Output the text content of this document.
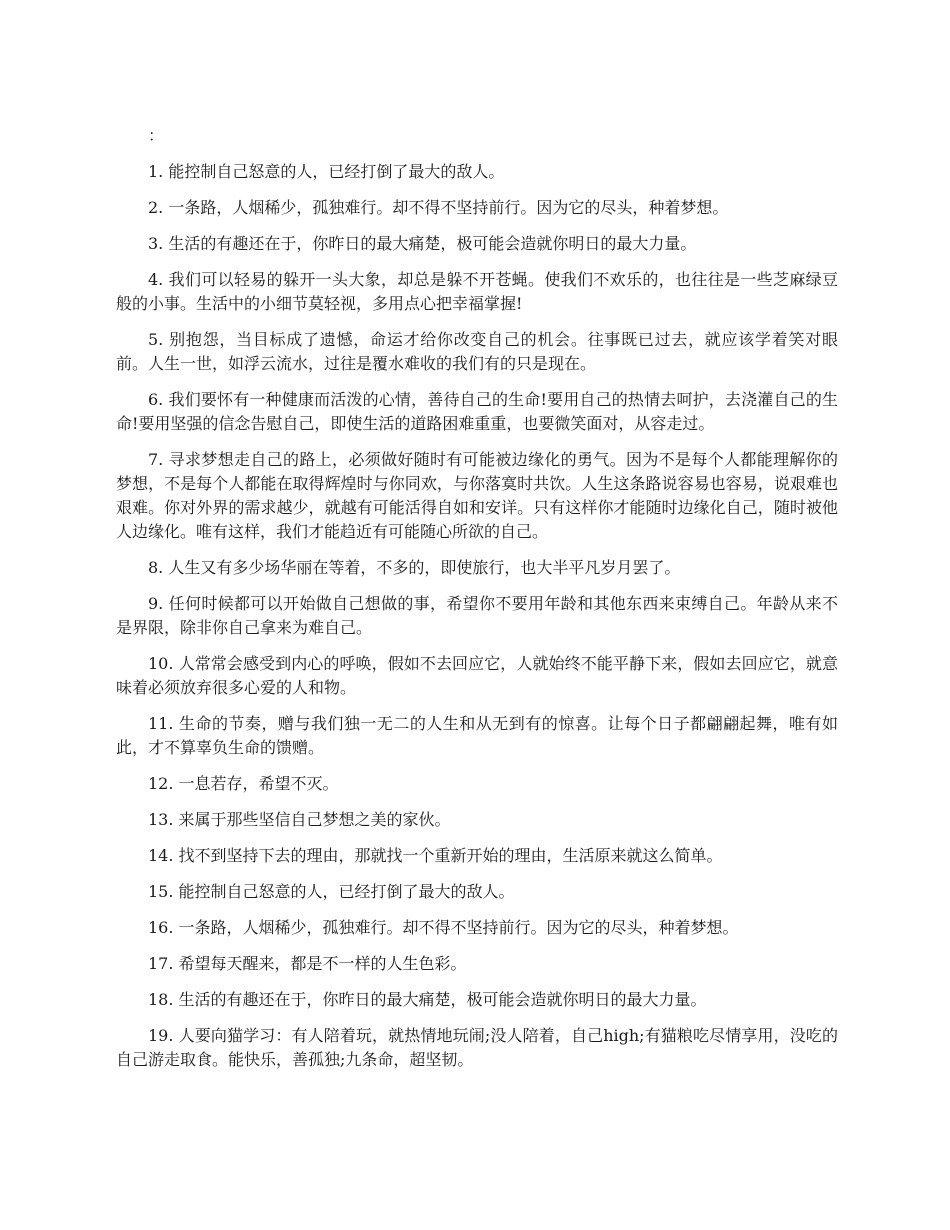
：

1. 能控制自己怒意的人，已经打倒了最大的敌人。

2. 一条路，人烟稀少，孤独难行。却不得不坚持前行。因为它的尽头，种着梦想。

3. 生活的有趣还在于，你昨日的最大痛楚，极可能会造就你明日的最大力量。

4. 我们可以轻易的躲开一头大象，却总是躲不开苍蝇。使我们不欢乐的，也往往是一些芝麻绿豆般的小事。生活中的小细节莫轻视，多用点心把幸福掌握!

5. 别抱怨，当目标成了遗憾，命运才给你改变自己的机会。往事既已过去，就应该学着笑对眼前。人生一世，如浮云流水，过往是覆水难收的我们有的只是现在。

6. 我们要怀有一种健康而活泼的心情，善待自己的生命!要用自己的热情去呵护，去浇灌自己的生命!要用坚强的信念告慰自己，即使生活的道路困难重重，也要微笑面对，从容走过。

7. 寻求梦想走自己的路上，必须做好随时有可能被边缘化的勇气。因为不是每个人都能理解你的梦想，不是每个人都能在取得辉煌时与你同欢，与你落寞时共饮。人生这条路说容易也容易，说艰难也艰难。你对外界的需求越少，就越有可能活得自如和安详。只有这样你才能随时边缘化自己，随时被他人边缘化。唯有这样，我们才能趋近有可能随心所欲的自己。

8. 人生又有多少场华丽在等着，不多的，即使旅行，也大半平凡岁月罢了。

9. 任何时候都可以开始做自己想做的事，希望你不要用年龄和其他东西来束缚自己。年龄从来不是界限，除非你自己拿来为难自己。

10. 人常常会感受到内心的呼唤，假如不去回应它，人就始终不能平静下来，假如去回应它，就意味着必须放弃很多心爱的人和物。

11. 生命的节奏，赠与我们独一无二的人生和从无到有的惊喜。让每个日子都翩翩起舞，唯有如此，才不算辜负生命的馈赠。

12. 一息若存，希望不灭。

13. 来属于那些坚信自己梦想之美的家伙。

14. 找不到坚持下去的理由，那就找一个重新开始的理由，生活原来就这么简单。

15. 能控制自己怒意的人，已经打倒了最大的敌人。

16. 一条路，人烟稀少，孤独难行。却不得不坚持前行。因为它的尽头，种着梦想。

17. 希望每天醒来，都是不一样的人生色彩。

18. 生活的有趣还在于，你昨日的最大痛楚，极可能会造就你明日的最大力量。

19. 人要向猫学习：有人陪着玩，就热情地玩闹;没人陪着，自己high;有猫粮吃尽情享用，没吃的自己游走取食。能快乐，善孤独;九条命，超坚韧。
